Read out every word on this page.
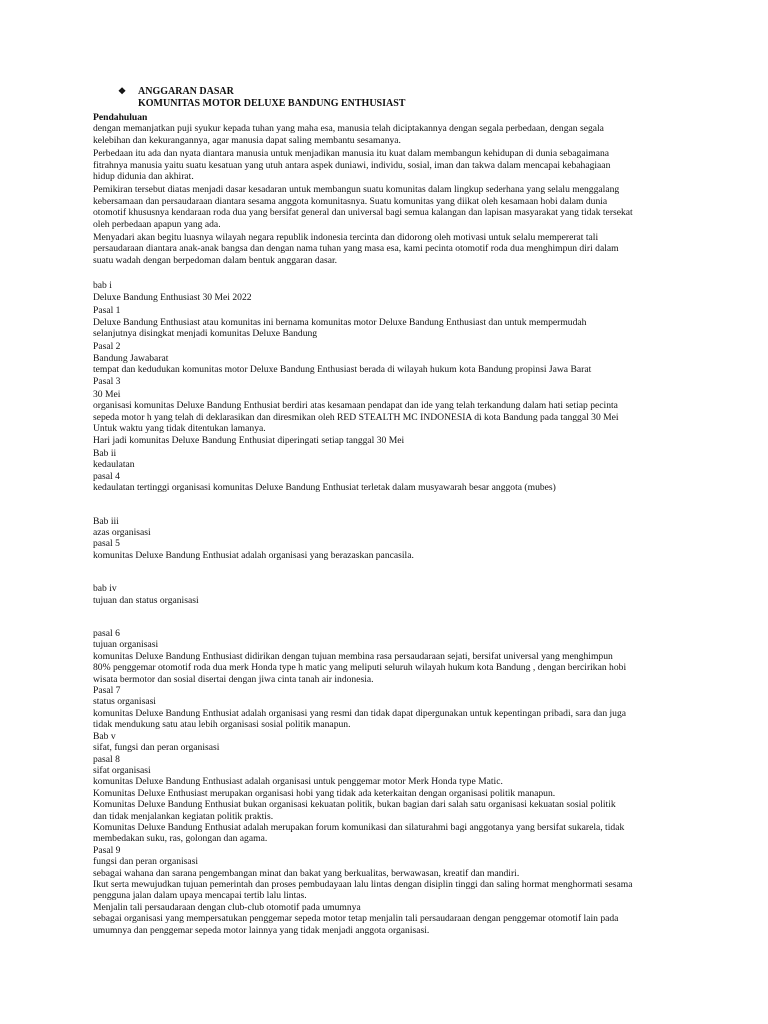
❖ ANGGARAN DASAR
KOMUNITAS MOTOR DELUXE BANDUNG ENTHUSIAST
Pendahuluan
dengan memanjatkan puji syukur kepada tuhan yang maha esa, manusia telah diciptakannya dengan segala perbedaan, dengan segala
kelebihan dan kekurangannya, agar manusia dapat saling membantu sesamanya.
Perbedaan itu ada dan nyata diantara manusia untuk menjadikan manusia itu kuat dalam membangun kehidupan di dunia sebagaimana
fitrahnya manusia yaitu suatu kesatuan yang utuh antara aspek duniawi, individu, sosial, iman dan takwa dalam mencapai kebahagiaan
hidup didunia dan akhirat.
Pemikiran tersebut diatas menjadi dasar kesadaran untuk membangun suatu komunitas dalam lingkup sederhana yang selalu menggalang
kebersamaan dan persaudaraan diantara sesama anggota komunitasnya. Suatu komunitas yang diikat oleh kesamaan hobi dalam dunia
otomotif khususnya kendaraan roda dua yang bersifat general dan universal bagi semua kalangan dan lapisan masyarakat yang tidak tersekat
oleh perbedaan apapun yang ada.
Menyadari akan begitu luasnya wilayah negara republik indonesia tercinta dan didorong oleh motivasi untuk selalu mempererat tali
persaudaraan diantara anak-anak bangsa dan dengan nama tuhan yang masa esa, kami pecinta otomotif roda dua menghimpun diri dalam
suatu wadah dengan berpedoman dalam bentuk anggaran dasar.
bab i
Deluxe Bandung Enthusiast 30 Mei 2022
Pasal 1
Deluxe Bandung Enthusiast atau komunitas ini bernama komunitas motor Deluxe Bandung Enthusiast dan untuk mempermudah
selanjutnya disingkat menjadi komunitas Deluxe Bandung
Pasal 2
Bandung Jawabarat
tempat dan kedudukan komunitas motor Deluxe Bandung Enthusiast berada di wilayah hukum kota Bandung propinsi Jawa Barat
Pasal 3
30 Mei
organisasi komunitas Deluxe Bandung Enthusiat berdiri atas kesamaan pendapat dan ide yang telah terkandung dalam hati setiap pecinta
sepeda motor h yang telah di deklarasikan dan diresmikan oleh RED STEALTH MC INDONESIA di kota Bandung pada tanggal 30 Mei
Untuk waktu yang tidak ditentukan lamanya.
Hari jadi komunitas Deluxe Bandung Enthusiat diperingati setiap tanggal 30 Mei
Bab ii
kedaulatan
pasal 4
kedaulatan tertinggi organisasi komunitas Deluxe Bandung Enthusiat terletak dalam musyawarah besar anggota (mubes)
Bab iii
azas organisasi
pasal 5
komunitas Deluxe Bandung Enthusiat adalah organisasi yang berazaskan pancasila.
bab iv
tujuan dan status organisasi
pasal 6
tujuan organisasi
komunitas Deluxe Bandung Enthusiast didirikan dengan tujuan membina rasa persaudaraan sejati, bersifat universal yang menghimpun
80% penggemar otomotif roda dua merk Honda type h matic yang meliputi seluruh wilayah hukum kota Bandung , dengan bercirikan hobi
wisata bermotor dan sosial disertai dengan jiwa cinta tanah air indonesia.
Pasal 7
status organisasi
komunitas Deluxe Bandung Enthusiat adalah organisasi yang resmi dan tidak dapat dipergunakan untuk kepentingan pribadi, sara dan juga
tidak mendukung satu atau lebih organisasi sosial politik manapun.
Bab v
sifat, fungsi dan peran organisasi
pasal 8
sifat organisasi
komunitas Deluxe Bandung Enthusiast adalah organisasi untuk penggemar motor Merk Honda type Matic.
Komunitas Deluxe Enthusiast merupakan organisasi hobi yang tidak ada keterkaitan dengan organisasi politik manapun.
Komunitas Deluxe Bandung Enthusiat bukan organisasi kekuatan politik, bukan bagian dari salah satu organisasi kekuatan sosial politik
dan tidak menjalankan kegiatan politik praktis.
Komunitas Deluxe Bandung Enthusiat adalah merupakan forum komunikasi dan silaturahmi bagi anggotanya yang bersifat sukarela, tidak
membedakan suku, ras, golongan dan agama.
Pasal 9
fungsi dan peran organisasi
sebagai wahana dan sarana pengembangan minat dan bakat yang berkualitas, berwawasan, kreatif dan mandiri.
Ikut serta mewujudkan tujuan pemerintah dan proses pembudayaan lalu lintas dengan disiplin tinggi dan saling hormat menghormati sesama
pengguna jalan dalam upaya mencapai tertib lalu lintas.
Menjalin tali persaudaraan dengan club-club otomotif pada umumnya
sebagai organisasi yang mempersatukan penggemar sepeda motor tetap menjalin tali persaudaraan dengan penggemar otomotif lain pada
umumnya dan penggemar sepeda motor lainnya yang tidak menjadi anggota organisasi.
